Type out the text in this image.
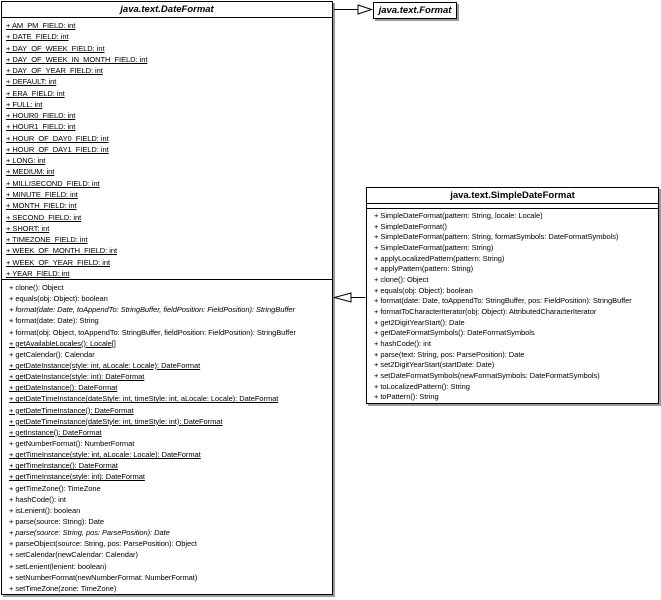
java.text.DateFormat
+ AM_PM_FIELD: int
+ DATE_FIELD: int
+ DAY_OF_WEEK_FIELD: int
+ DAY_OF_WEEK_IN_MONTH_FIELD: int
+ DAY_OF_YEAR_FIELD: int
+ DEFAULT: int
+ ERA_FIELD: int
+ FULL: int
+ HOUR0_FIELD: int
+ HOUR1_FIELD: int
+ HOUR_OF_DAY0_FIELD: int
+ HOUR_OF_DAY1_FIELD: int
+ LONG: int
+ MEDIUM: int
+ MILLISECOND_FIELD: int
+ MINUTE_FIELD: int
+ MONTH_FIELD: int
+ SECOND_FIELD: int
+ SHORT: int
+ TIMEZONE_FIELD: int
+ WEEK_OF_MONTH_FIELD: int
+ WEEK_OF_YEAR_FIELD: int
+ YEAR_FIELD: int
+ clone(): Object
+ equals(obj: Object): boolean
+ format(date: Date, toAppendTo: StringBuffer, fieldPosition: FieldPosition): StringBuffer
+ format(date: Date): String
+ format(obj: Object, toAppendTo: StringBuffer, fieldPosition: FieldPosition): StringBuffer
+ getAvailableLocales(): Locale[]
+ getCalendar(): Calendar
+ getDateInstance(style: int, aLocale: Locale): DateFormat
+ getDateInstance(style: int): DateFormat
+ getDateInstance(): DateFormat
+ getDateTimeInstance(dateStyle: int, timeStyle: int, aLocale: Locale): DateFormat
+ getDateTimeInstance(): DateFormat
+ getDateTimeInstance(dateStyle: int, timeStyle: int): DateFormat
+ getInstance(): DateFormat
+ getNumberFormat(): NumberFormat
+ getTimeInstance(style: int, aLocale: Locale): DateFormat
+ getTimeInstance(): DateFormat
+ getTimeInstance(style: int): DateFormat
+ getTimeZone(): TimeZone
+ hashCode(): int
+ isLenient(): boolean
+ parse(source: String): Date
+ parse(source: String, pos: ParsePosition): Date
+ parseObject(source: String, pos: ParsePosition): Object
+ setCalendar(newCalendar: Calendar)
+ setLenient(lenient: boolean)
+ setNumberFormat(newNumberFormat: NumberFormat)
+ setTimeZone(zone: TimeZone)
java.text.Format
java.text.SimpleDateFormat
+ SimpleDateFormat(pattern: String, locale: Locale)
+ SimpleDateFormat()
+ SimpleDateFormat(pattern: String, formatSymbols: DateFormatSymbols)
+ SimpleDateFormat(pattern: String)
+ applyLocalizedPattern(pattern: String)
+ applyPattern(pattern: String)
+ clone(): Object
+ equals(obj: Object): boolean
+ format(date: Date, toAppendTo: StringBuffer, pos: FieldPosition): StringBuffer
+ formatToCharacterIterator(obj: Object): AttributedCharacterIterator
+ get2DigitYearStart(): Date
+ getDateFormatSymbols(): DateFormatSymbols
+ hashCode(): int
+ parse(text: String, pos: ParsePosition): Date
+ set2DigitYearStart(startDate: Date)
+ setDateFormatSymbols(newFormatSymbols: DateFormatSymbols)
+ toLocalizedPattern(): String
+ toPattern(): String
